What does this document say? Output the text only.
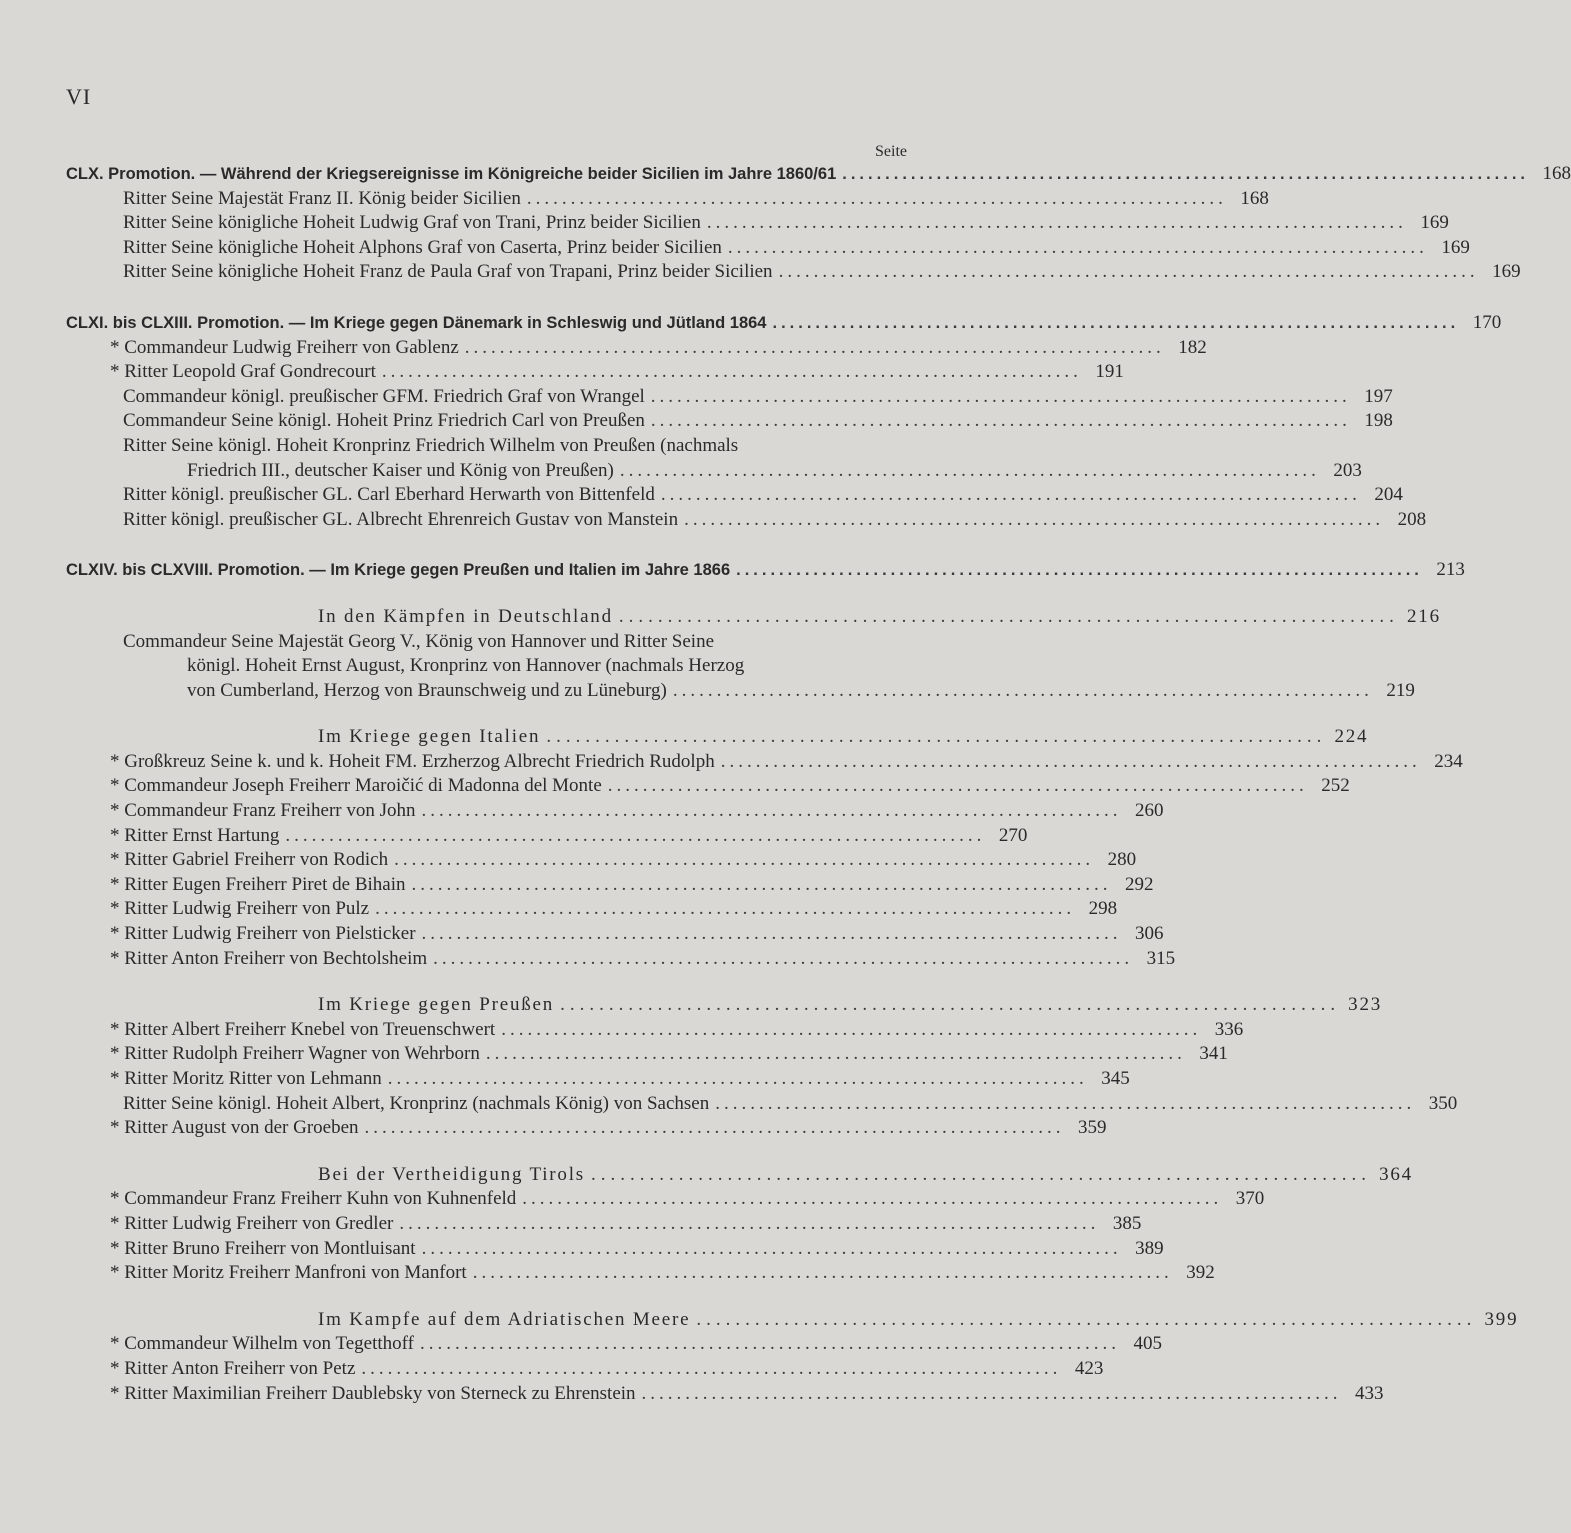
VI
Seite
CLX. Promotion. — Während der Kriegsereignisse im Königreiche beider Sicilien im Jahre 1860/61 ................................................................................ 168
Ritter Seine Majestät Franz II. König beider Sicilien ................................................................................ 168
Ritter Seine königliche Hoheit Ludwig Graf von Trani, Prinz beider Sicilien ................................................................................ 169
Ritter Seine königliche Hoheit Alphons Graf von Caserta, Prinz beider Sicilien ................................................................................ 169
Ritter Seine königliche Hoheit Franz de Paula Graf von Trapani, Prinz beider Sicilien ................................................................................ 169
CLXI. bis CLXIII. Promotion. — Im Kriege gegen Dänemark in Schleswig und Jütland 1864 ................................................................................ 170
* Commandeur Ludwig Freiherr von Gablenz ................................................................................ 182
* Ritter Leopold Graf Gondrecourt ................................................................................ 191
Commandeur königl. preußischer GFM. Friedrich Graf von Wrangel ................................................................................ 197
Commandeur Seine königl. Hoheit Prinz Friedrich Carl von Preußen ................................................................................ 198
Ritter Seine königl. Hoheit Kronprinz Friedrich Wilhelm von Preußen (nachmals
Friedrich III., deutscher Kaiser und König von Preußen) ................................................................................ 203
Ritter königl. preußischer GL. Carl Eberhard Herwarth von Bittenfeld ................................................................................ 204
Ritter königl. preußischer GL. Albrecht Ehrenreich Gustav von Manstein ................................................................................ 208
CLXIV. bis CLXVIII. Promotion. — Im Kriege gegen Preußen und Italien im Jahre 1866 ................................................................................ 213
In den Kämpfen in Deutschland ................................................................................ 216
Commandeur Seine Majestät Georg V., König von Hannover und Ritter Seine
königl. Hoheit Ernst August, Kronprinz von Hannover (nachmals Herzog
von Cumberland, Herzog von Braunschweig und zu Lüneburg) ................................................................................ 219
Im Kriege gegen Italien ................................................................................ 224
* Großkreuz Seine k. und k. Hoheit FM. Erzherzog Albrecht Friedrich Rudolph ................................................................................ 234
* Commandeur Joseph Freiherr Maroičić di Madonna del Monte ................................................................................ 252
* Commandeur Franz Freiherr von John ................................................................................ 260
* Ritter Ernst Hartung ................................................................................ 270
* Ritter Gabriel Freiherr von Rodich ................................................................................ 280
* Ritter Eugen Freiherr Piret de Bihain ................................................................................ 292
* Ritter Ludwig Freiherr von Pulz ................................................................................ 298
* Ritter Ludwig Freiherr von Pielsticker ................................................................................ 306
* Ritter Anton Freiherr von Bechtolsheim ................................................................................ 315
Im Kriege gegen Preußen ................................................................................ 323
* Ritter Albert Freiherr Knebel von Treuenschwert ................................................................................ 336
* Ritter Rudolph Freiherr Wagner von Wehrborn ................................................................................ 341
* Ritter Moritz Ritter von Lehmann ................................................................................ 345
Ritter Seine königl. Hoheit Albert, Kronprinz (nachmals König) von Sachsen ................................................................................ 350
* Ritter August von der Groeben ................................................................................ 359
Bei der Vertheidigung Tirols ................................................................................ 364
* Commandeur Franz Freiherr Kuhn von Kuhnenfeld ................................................................................ 370
* Ritter Ludwig Freiherr von Gredler ................................................................................ 385
* Ritter Bruno Freiherr von Montluisant ................................................................................ 389
* Ritter Moritz Freiherr Manfroni von Manfort ................................................................................ 392
Im Kampfe auf dem Adriatischen Meere ................................................................................ 399
* Commandeur Wilhelm von Tegetthoff ................................................................................ 405
* Ritter Anton Freiherr von Petz ................................................................................ 423
* Ritter Maximilian Freiherr Daublebsky von Sterneck zu Ehrenstein ................................................................................ 433
